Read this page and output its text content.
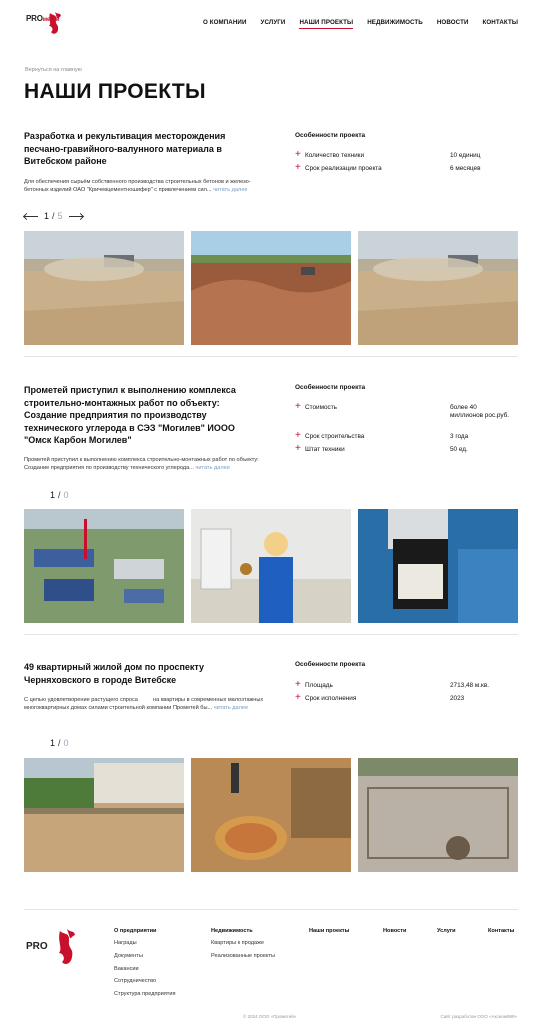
PROметей	О КОМПАНИИ УСЛУГИ НАШИ ПРОЕКТЫ НЕДВИЖИМОСТЬ НОВОСТИ КОНТАКТЫ
Вернуться на главную
НАШИ ПРОЕКТЫ
Разработка и рекультивация месторождения песчано-гравийного-валунного материала в Витебском районе
Для обеспечения сырьём собственного производства строительных бетонов и железо-бетонных изделий ОАО "Кричевцементношифер" с привлечением сил... читать далее
Особенности проекта
+ Количество техники	10 единиц
+ Срок реализации проекта	6 месяцев
1 / 5
Прометей приступил к выполнению комплекса строительно-монтажных работ по объекту: Создание предприятия по производству технического углерода в СЭЗ "Могилев" ИООО "Омск Карбон Могилев"
Прометей приступил к выполнению комплекса строительно-монтажных работ по объекту: Создание предприятия по производству технического углерода... читать далее
Особенности проекта
+ Стоимость	более 40 миллионов рос.руб.
+ Срок строительства	3 года
+ Штат техники	50 ед.
1 / 0
49 квартирный жилой дом по проспекту Черняховского в городе Витебске
С целью удовлетворение растущего спроса	на квартиры в современных малоэтажных многоквартирных домах силами строительной компании Прометей бы... читать далее
Особенности проекта
+ Площадь	2713,48 м.кв.
+ Срок исполнения	2023
1 / 0
PRO
О предприятии
Награды
Документы
Вакансии
Сотрудничество
Структура предприятия
Недвижимость
Квартиры к продаже
Реализованные проекты
Наши проекты	Новости	Услуги	Контакты
© 2024 ООО «Прометей»	Сайт разработан ООО «Аксиом999»
